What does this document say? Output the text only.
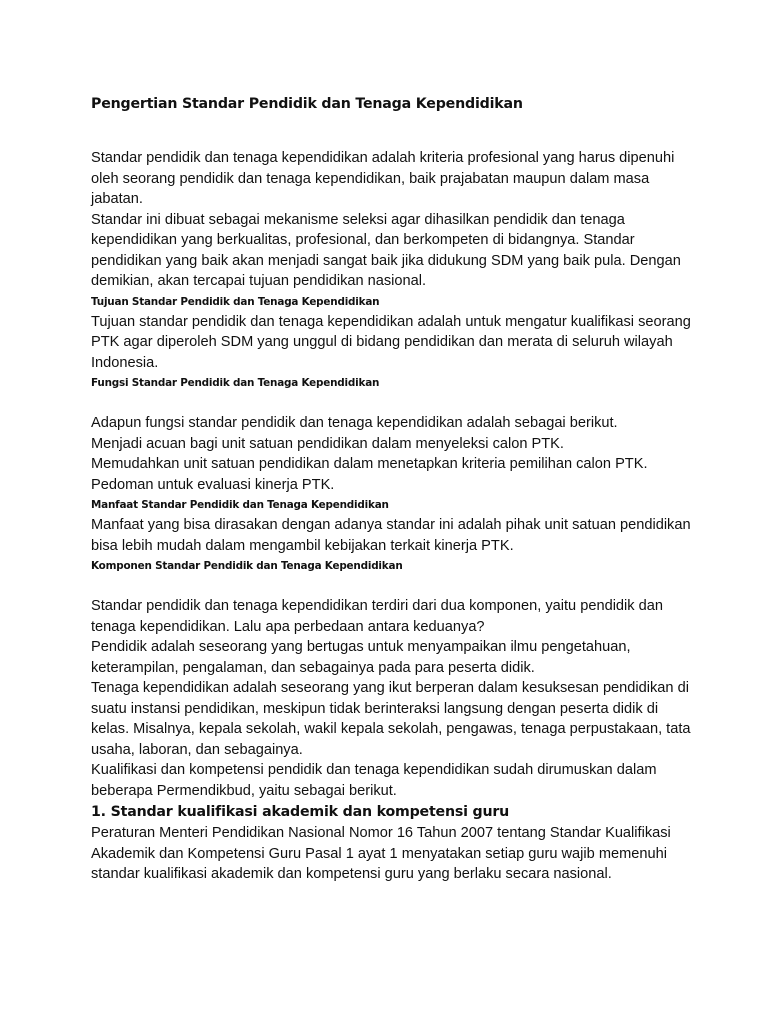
Pengertian Standar Pendidik dan Tenaga Kependidikan

Standar pendidik dan tenaga kependidikan adalah kriteria profesional yang harus dipenuhi oleh seorang pendidik dan tenaga kependidikan, baik prajabatan maupun dalam masa jabatan.

Standar ini dibuat sebagai mekanisme seleksi agar dihasilkan pendidik dan tenaga kependidikan yang berkualitas, profesional, dan berkompeten di bidangnya. Standar pendidikan yang baik akan menjadi sangat baik jika didukung SDM yang baik pula. Dengan demikian, akan tercapai tujuan pendidikan nasional.

Tujuan Standar Pendidik dan Tenaga Kependidikan

Tujuan standar pendidik dan tenaga kependidikan adalah untuk mengatur kualifikasi seorang PTK agar diperoleh SDM yang unggul di bidang pendidikan dan merata di seluruh wilayah Indonesia.

Fungsi Standar Pendidik dan Tenaga Kependidikan

Adapun fungsi standar pendidik dan tenaga kependidikan adalah sebagai berikut.

Menjadi acuan bagi unit satuan pendidikan dalam menyeleksi calon PTK.

Memudahkan unit satuan pendidikan dalam menetapkan kriteria pemilihan calon PTK.

Pedoman untuk evaluasi kinerja PTK.

Manfaat Standar Pendidik dan Tenaga Kependidikan

Manfaat yang bisa dirasakan dengan adanya standar ini adalah pihak unit satuan pendidikan bisa lebih mudah dalam mengambil kebijakan terkait kinerja PTK.

Komponen Standar Pendidik dan Tenaga Kependidikan

Standar pendidik dan tenaga kependidikan terdiri dari dua komponen, yaitu pendidik dan tenaga kependidikan. Lalu apa perbedaan antara keduanya?

Pendidik adalah seseorang yang bertugas untuk menyampaikan ilmu pengetahuan, keterampilan, pengalaman, dan sebagainya pada para peserta didik.

Tenaga kependidikan adalah seseorang yang ikut berperan dalam kesuksesan pendidikan di suatu instansi pendidikan, meskipun tidak berinteraksi langsung dengan peserta didik di kelas. Misalnya, kepala sekolah, wakil kepala sekolah, pengawas, tenaga perpustakaan, tata usaha, laboran, dan sebagainya.

Kualifikasi dan kompetensi pendidik dan tenaga kependidikan sudah dirumuskan dalam beberapa Permendikbud, yaitu sebagai berikut.

1. Standar kualifikasi akademik dan kompetensi guru

Peraturan Menteri Pendidikan Nasional Nomor 16 Tahun 2007 tentang Standar Kualifikasi Akademik dan Kompetensi Guru Pasal 1 ayat 1 menyatakan setiap guru wajib memenuhi standar kualifikasi akademik dan kompetensi guru yang berlaku secara nasional.
